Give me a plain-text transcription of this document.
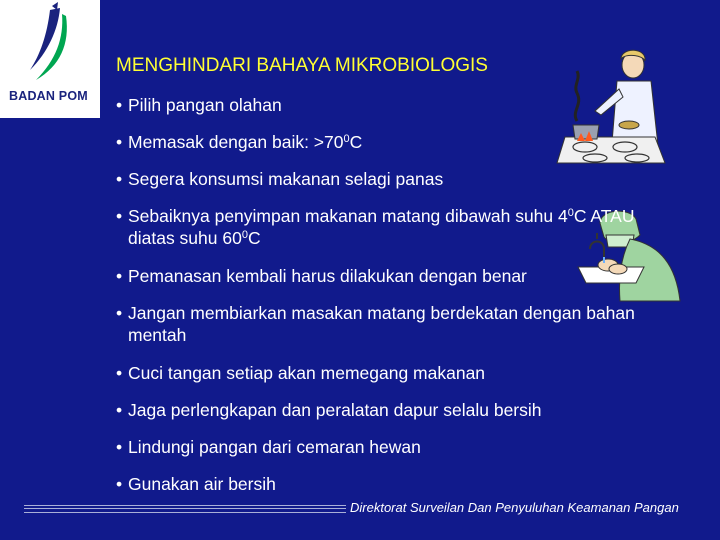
BADAN POM
MENGHINDARI BAHAYA MIKROBIOLOGIS
• Pilih pangan olahan
• Memasak dengan baik: $>70^0C$
• Segera konsumsi makanan selagi panas
• Sebaiknya penyimpan makanan matang dibawah suhu $4^0C$ ATAU
diatas suhu $60^0C$
• Pemanasan kembali harus dilakukan dengan benar
• Jangan membiarkan masakan matang berdekatan dengan bahan
mentah
• Cuci tangan setiap akan memegang makanan
• Jaga perlengkapan dan peralatan dapur selalu bersih
• Lindungi pangan dari cemaran hewan
• Gunakan air bersih
Direktorat Surveilan Dan Penyuluhan Keamanan Pangan
